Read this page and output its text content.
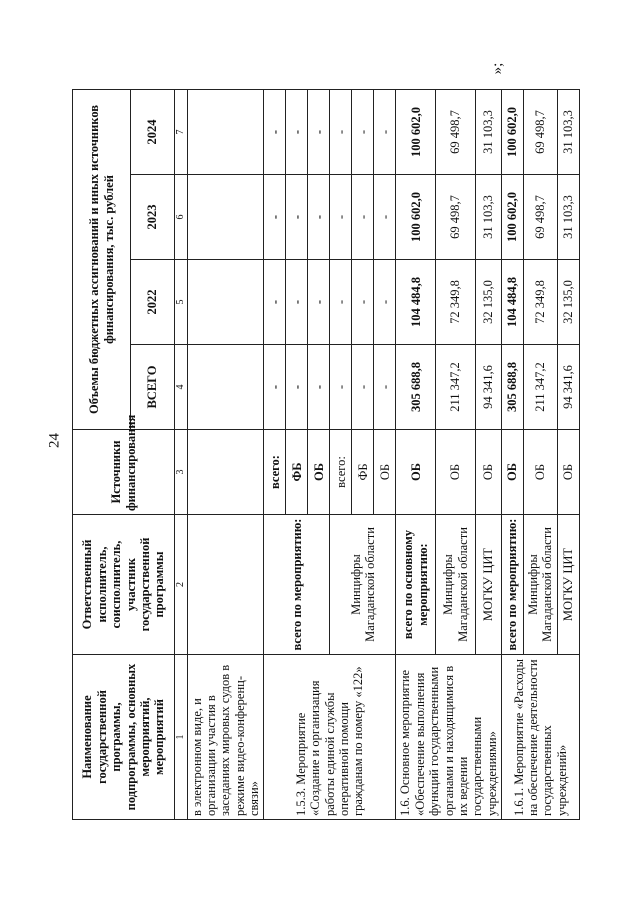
24
»;
Наименование государственной программы, подпрограммы, основных мероприятий, мероприятий	Ответственный исполнитель, соисполнитель, участник государственной программы	Источники финансирования	Объемы бюджетных ассигнований и иных источников финансирования, тыс. рублей			
			ВСЕГО	2022	2023	2024
1	2	3	4	5	6	7
в электронном виде, и организации участия в заседаниях мировых судов в режиме видео-конференц-связи»						
1.5.3. Мероприятие «Создание и организация работы единой службы оперативной помощи гражданам по номеру «122»	всего по мероприятию:	всего:	-	-	-	-
		ФБ	-	-	-	-
		ОБ	-	-	-	-
	Минцифры Магаданской области	всего:	-	-	-	-
		ФБ	-	-	-	-
		ОБ	-	-	-	-
1.6. Основное мероприятие «Обеспечение выполнения функций государственными органами и находящимися в их ведении государственными учреждениями»	всего по основному мероприятию:	ОБ	305 688,8	104 484,8	100 602,0	100 602,0
	Минцифры Магаданской области	ОБ	211 347,2	72 349,8	69 498,7	69 498,7
	МОГКУ ЦИТ	ОБ	94 341,6	32 135,0	31 103,3	31 103,3
1.6.1. Мероприятие «Расходы на обеспечение деятельности государственных учреждений»	всего по мероприятию:	ОБ	305 688,8	104 484,8	100 602,0	100 602,0
	Минцифры Магаданской области	ОБ	211 347,2	72 349,8	69 498,7	69 498,7
	МОГКУ ЦИТ	ОБ	94 341,6	32 135,0	31 103,3	31 103,3
